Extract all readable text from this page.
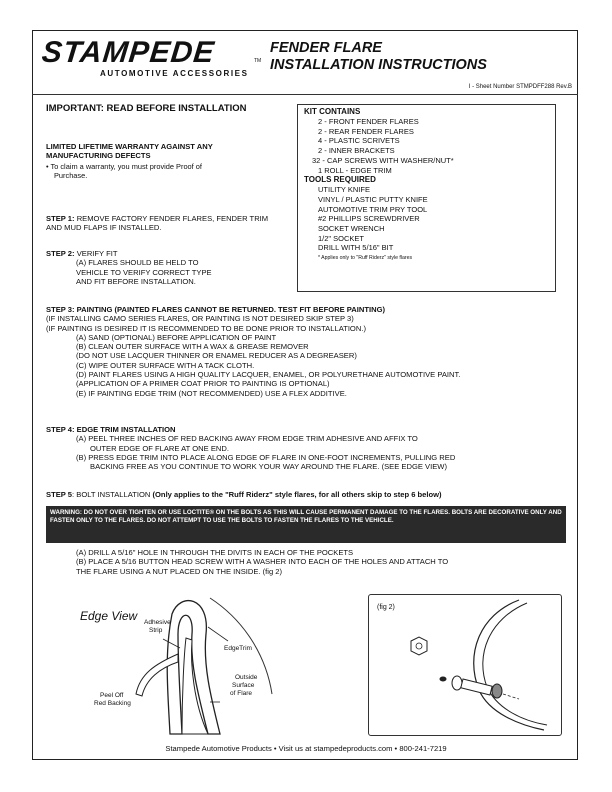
STAMPEDE
AUTOMOTIVE ACCESSORIES
TM
FENDER FLARE
INSTALLATION INSTRUCTIONS
I - Sheet Number STMPDFF288 Rev.B
IMPORTANT: READ BEFORE INSTALLATION
LIMITED LIFETIME WARRANTY AGAINST ANY MANUFACTURING DEFECTS
• To claim a warranty, you must provide Proof of
Purchase.
KIT CONTAINS
2 - FRONT FENDER FLARES
2 - REAR FENDER FLARES
4 - PLASTIC SCRIVETS
2 - INNER BRACKETS
32 - CAP SCREWS WITH WASHER/NUT*
1 ROLL - EDGE TRIM
TOOLS REQUIRED
UTILITY KNIFE
VINYL / PLASTIC PUTTY KNIFE
AUTOMOTIVE TRIM PRY TOOL
#2 PHILLIPS SCREWDRIVER
SOCKET WRENCH
1/2" SOCKET
DRILL WITH 5/16" BIT
* Applies only to "Ruff Riderz" style flares
STEP 1: REMOVE FACTORY FENDER FLARES, FENDER TRIM AND MUD FLAPS IF INSTALLED.
STEP 2: VERIFY FIT
(A) FLARES SHOULD BE HELD TO
VEHICLE TO VERIFY CORRECT TYPE
AND FIT BEFORE INSTALLATION.
STEP 3: PAINTING (PAINTED FLARES CANNOT BE RETURNED. TEST FIT BEFORE PAINTING)
(IF INSTALLING CAMO SERIES FLARES, OR PAINTING IS NOT DESIRED SKIP STEP 3)
(IF PAINTING IS DESIRED IT IS RECOMMENDED TO BE DONE PRIOR TO INSTALLATION.)
(A) SAND (OPTIONAL) BEFORE APPLICATION OF PAINT
(B) CLEAN OUTER SURFACE WITH A WAX & GREASE REMOVER
(DO NOT USE LACQUER THINNER OR ENAMEL REDUCER AS A DEGREASER)
(C) WIPE OUTER SURFACE WITH A TACK CLOTH.
(D) PAINT FLARES USING A HIGH QUALITY LACQUER, ENAMEL, OR POLYURETHANE AUTOMOTIVE PAINT.
(APPLICATION OF A PRIMER COAT PRIOR TO PAINTING IS OPTIONAL)
(E) IF PAINTING EDGE TRIM (NOT RECOMMENDED) USE A FLEX ADDITIVE.
STEP 4: EDGE TRIM INSTALLATION
(A) PEEL THREE INCHES OF RED BACKING AWAY FROM EDGE TRIM ADHESIVE AND AFFIX TO
OUTER EDGE OF FLARE AT ONE END.
(B) PRESS EDGE TRIM INTO PLACE ALONG EDGE OF FLARE IN ONE-FOOT INCREMENTS, PULLING RED
BACKING FREE AS YOU CONTINUE TO WORK YOUR WAY AROUND THE FLARE. (SEE EDGE VIEW)
STEP 5: BOLT INSTALLATION (Only applies to the "Ruff Riderz" style flares, for all others skip to step 6 below)
WARNING: DO NOT OVER TIGHTEN OR USE LOCTITE® ON THE BOLTS AS THIS WILL CAUSE PERMANENT DAMAGE TO THE FLARES. BOLTS ARE DECORATIVE ONLY AND FASTEN ONLY TO THE FLARES. DO NOT ATTEMPT TO USE THE BOLTS TO FASTEN THE FLARES TO THE VEHICLE.
(A) DRILL A 5/16" HOLE IN THROUGH THE DIVITS IN EACH OF THE POCKETS
(B) PLACE A 5/16 BUTTON HEAD SCREW WITH A WASHER INTO EACH OF THE HOLES AND ATTACH TO
THE FLARE USING A NUT PLACED ON THE INSIDE. (fig 2)
Edge View Adhesive
Strip
EdgeTrim
Outside
Surface
of Flare
Peel Off
Red Backing
(fig 2)
Stampede Automotive Products • Visit us at stampedeproducts.com • 800-241-7219
